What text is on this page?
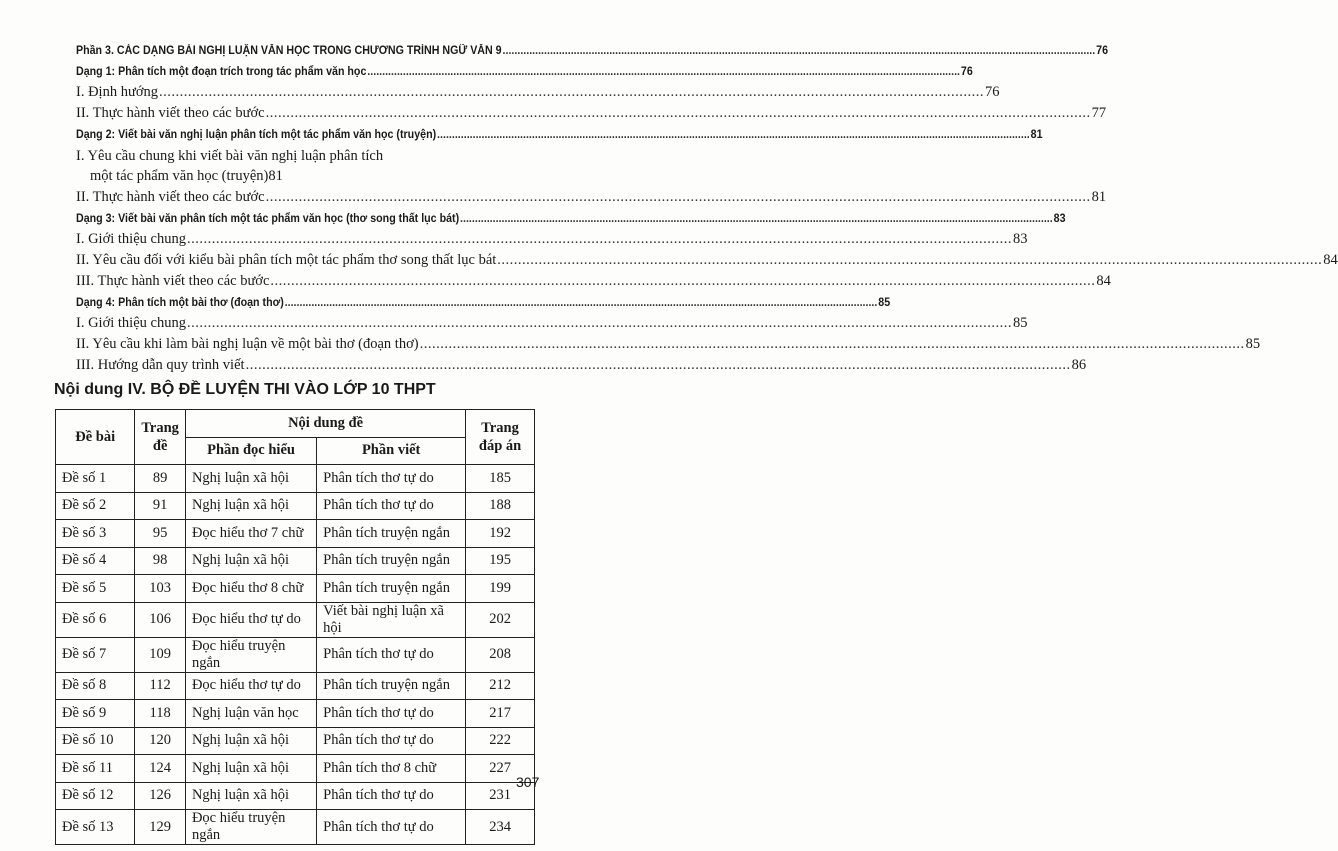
Phần 3. CÁC DẠNG BÀI NGHỊ LUẬN VĂN HỌC TRONG CHƯƠNG TRÌNH NGỮ VĂN 9 .....	76
Dạng 1: Phân tích một đoạn trích trong tác phẩm văn học .....	76
I. Định hướng .....	76
II. Thực hành viết theo các bước .....	77
Dạng 2: Viết bài văn nghị luận phân tích một tác phẩm văn học (truyện) .....	81
I. Yêu cầu chung khi viết bài văn nghị luận phân tích
một tác phẩm văn học (truyện) 81
II. Thực hành viết theo các bước .....	81
Dạng 3: Viết bài văn phân tích một tác phẩm văn học (thơ song thất lục bát) .....	83
I. Giới thiệu chung .....	83
II. Yêu cầu đối với kiểu bài phân tích một tác phẩm thơ song thất lục bát .....	84
III. Thực hành viết theo các bước .....	84
Dạng 4: Phân tích một bài thơ (đoạn thơ) .....	85
I. Giới thiệu chung .....	85
II. Yêu cầu khi làm bài nghị luận về một bài thơ (đoạn thơ) .....	85
III. Hướng dẫn quy trình viết .....	86
Nội dung IV. BỘ ĐỀ LUYỆN THI VÀO LỚP 10 THPT
Đề bài	Trang đề	Nội dung đề		Trang đáp án
		Phần đọc hiểu	Phần viết	
Đề số 1	89	Nghị luận xã hội	Phân tích thơ tự do	185
Đề số 2	91	Nghị luận xã hội	Phân tích thơ tự do	188
Đề số 3	95	Đọc hiểu thơ 7 chữ	Phân tích truyện ngắn	192
Đề số 4	98	Nghị luận xã hội	Phân tích truyện ngắn	195
Đề số 5	103	Đọc hiểu thơ 8 chữ	Phân tích truyện ngắn	199
Đề số 6	106	Đọc hiểu thơ tự do	Viết bài nghị luận xã hội	202
Đề số 7	109	Đọc hiểu truyện ngắn	Phân tích thơ tự do	208
Đề số 8	112	Đọc hiểu thơ tự do	Phân tích truyện ngắn	212
Đề số 9	118	Nghị luận văn học	Phân tích thơ tự do	217
Đề số 10	120	Nghị luận xã hội	Phân tích thơ tự do	222
Đề số 11	124	Nghị luận xã hội	Phân tích thơ 8 chữ	227
Đề số 12	126	Nghị luận xã hội	Phân tích thơ tự do	231
Đề số 13	129	Đọc hiểu truyện ngắn	Phân tích thơ tự do	234
307
